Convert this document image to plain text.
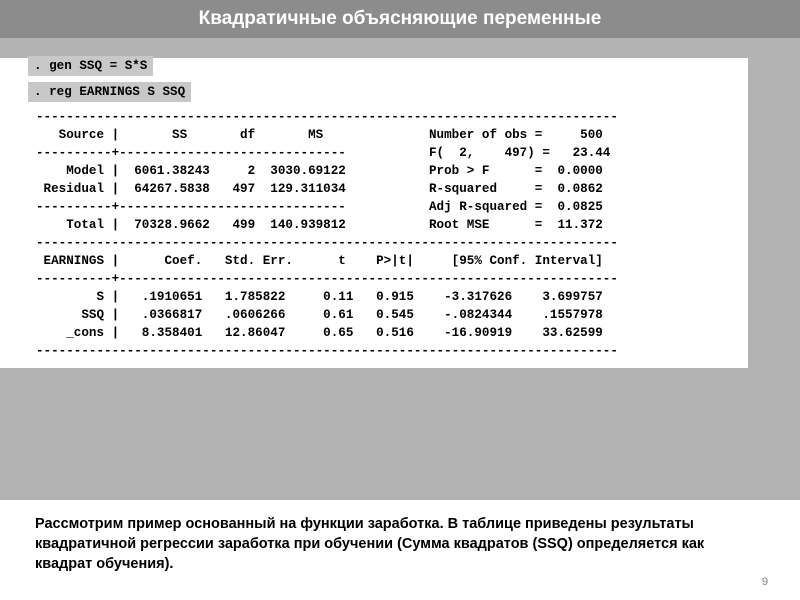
Квадратичные объясняющие переменные
. gen SSQ = S*S
. reg EARNINGS S SSQ
-----------------------------------------------------------------------------
Source |       SS       df       MS              Number of obs =     500
----------+------------------------------           F(  2,    497) =   23.44
Model |  6061.38243     2  3030.69122           Prob > F      =  0.0000
Residual |  64267.5838   497  129.311034           R-squared     =  0.0862
----------+------------------------------           Adj R-squared =  0.0825
Total |  70328.9662   499  140.939812           Root MSE      =  11.372
-----------------------------------------------------------------------------
EARNINGS |      Coef.   Std. Err.      t    P>|t|     [95% Conf. Interval]
----------+------------------------------------------------------------------
S |   .1910651   1.785822     0.11   0.915    -3.317626    3.699757
SSQ |   .0366817   .0606266     0.61   0.545    -.0824344    .1557978
_cons |   8.358401   12.86047     0.65   0.516    -16.90919    33.62599
-----------------------------------------------------------------------------
Рассмотрим пример основанный на функции заработка. В таблице приведены результаты квадратичной регрессии заработка при обучении (Сумма квадратов (SSQ) определяется как квадрат обучения).
9
